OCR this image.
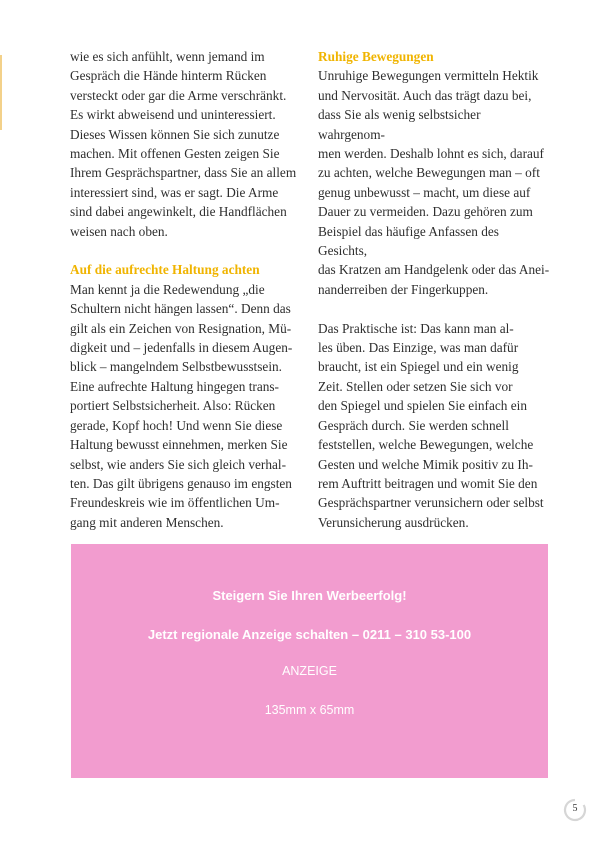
wie es sich anfühlt, wenn jemand im
Gespräch die Hände hinterm Rücken
versteckt oder gar die Arme verschränkt.
Es wirkt abweisend und uninteressiert.
Dieses Wissen können Sie sich zunutze
machen. Mit offenen Gesten zeigen Sie
Ihrem Gesprächspartner, dass Sie an allem
interessiert sind, was er sagt. Die Arme
sind dabei angewinkelt, die Handflächen
weisen nach oben.

Auf die aufrechte Haltung achten

Man kennt ja die Redewendung „die
Schultern nicht hängen lassen“. Denn das
gilt als ein Zeichen von Resignation, Mü-
digkeit und – jedenfalls in diesem Augen-
blick – mangelndem Selbstbewusstsein.
Eine aufrechte Haltung hingegen trans-
portiert Selbstsicherheit. Also: Rücken
gerade, Kopf hoch! Und wenn Sie diese
Haltung bewusst einnehmen, merken Sie
selbst, wie anders Sie sich gleich verhal-
ten. Das gilt übrigens genauso im engsten
Freundeskreis wie im öffentlichen Um-
gang mit anderen Menschen.

Ruhige Bewegungen

Unruhige Bewegungen vermitteln Hektik
und Nervosität. Auch das trägt dazu bei,
dass Sie als wenig selbstsicher wahrgenom-
men werden. Deshalb lohnt es sich, darauf
zu achten, welche Bewegungen man – oft
genug unbewusst – macht, um diese auf
Dauer zu vermeiden. Dazu gehören zum
Beispiel das häufige Anfassen des Gesichts,
das Kratzen am Handgelenk oder das Anei-
nanderreiben der Fingerkuppen.

Das Praktische ist: Das kann man al-
les üben. Das Einzige, was man dafür
braucht, ist ein Spiegel und ein wenig
Zeit. Stellen oder setzen Sie sich vor
den Spiegel und spielen Sie einfach ein
Gespräch durch. Sie werden schnell
feststellen, welche Bewegungen, welche
Gesten und welche Mimik positiv zu Ih-
rem Auftritt beitragen und womit Sie den
Gesprächspartner verunsichern oder selbst
Verunsicherung ausdrücken.

Steigern Sie Ihren Werbeerfolg!
Jetzt regionale Anzeige schalten – 0211 – 310 53-100
ANZEIGE
135mm x 65mm
5
